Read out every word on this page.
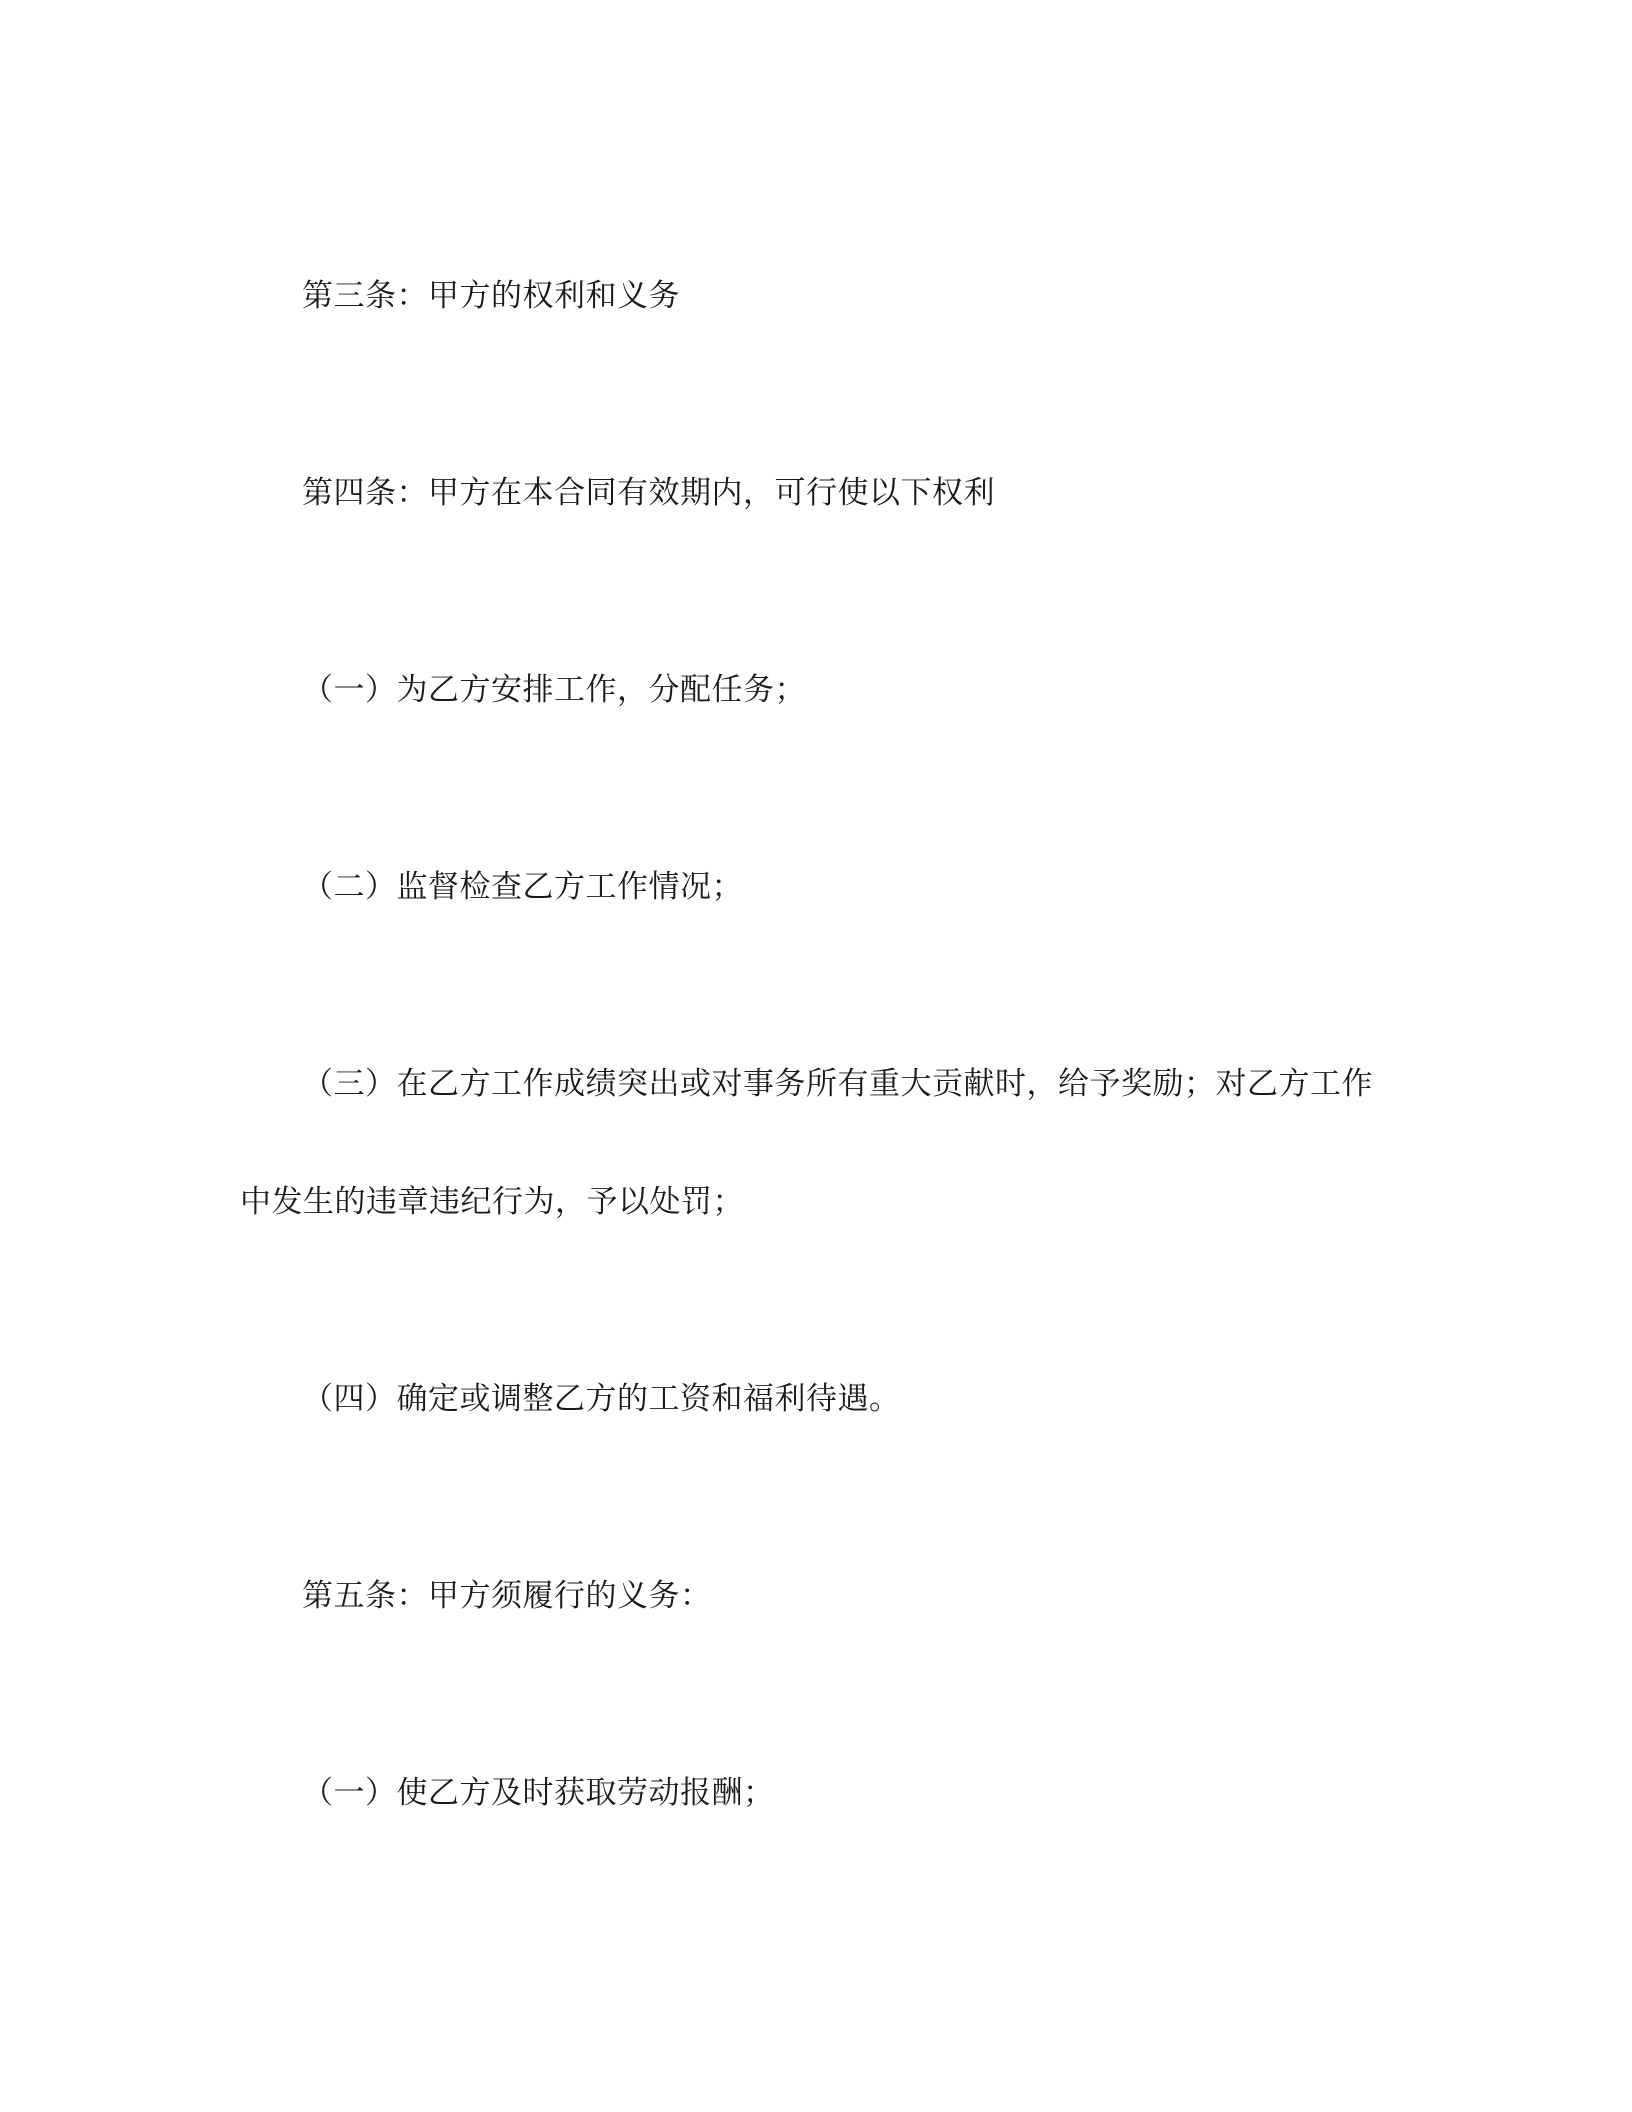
第三条：甲方的权利和义务
第四条：甲方在本合同有效期内，可行使以下权利
（一）为乙方安排工作，分配任务；
（二）监督检查乙方工作情况；
（三）在乙方工作成绩突出或对事务所有重大贡献时，给予奖励；对乙方工作
中发生的违章违纪行为，予以处罚；
（四）确定或调整乙方的工资和福利待遇。
第五条：甲方须履行的义务：
（一）使乙方及时获取劳动报酬；
